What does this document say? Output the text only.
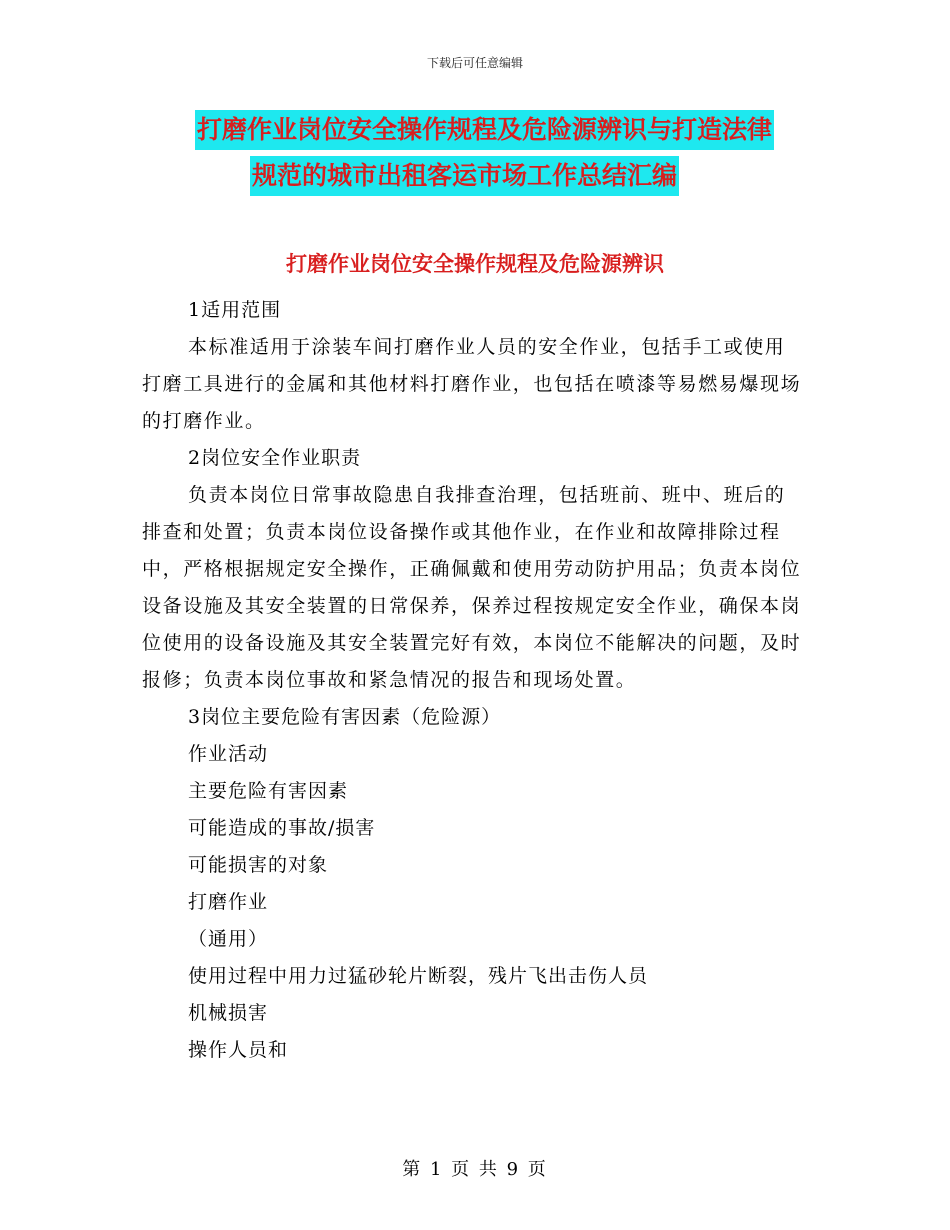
下载后可任意编辑
打磨作业岗位安全操作规程及危险源辨识与打造法律
规范的城市出租客运市场工作总结汇编
打磨作业岗位安全操作规程及危险源辨识

1适用范围

本标准适用于涂装车间打磨作业人员的安全作业，包括手工或使用打磨工具进行的金属和其他材料打磨作业，也包括在喷漆等易燃易爆现场的打磨作业。

2岗位安全作业职责

负责本岗位日常事故隐患自我排查治理，包括班前、班中、班后的排查和处置；负责本岗位设备操作或其他作业，在作业和故障排除过程中，严格根据规定安全操作，正确佩戴和使用劳动防护用品；负责本岗位设备设施及其安全装置的日常保养，保养过程按规定安全作业，确保本岗位使用的设备设施及其安全装置完好有效，本岗位不能解决的问题，及时报修；负责本岗位事故和紧急情况的报告和现场处置。

3岗位主要危险有害因素（危险源）

作业活动

主要危险有害因素

可能造成的事故/损害

可能损害的对象

打磨作业

（通用）

使用过程中用力过猛砂轮片断裂，残片飞出击伤人员

机械损害

操作人员和

第 1 页 共 9 页
